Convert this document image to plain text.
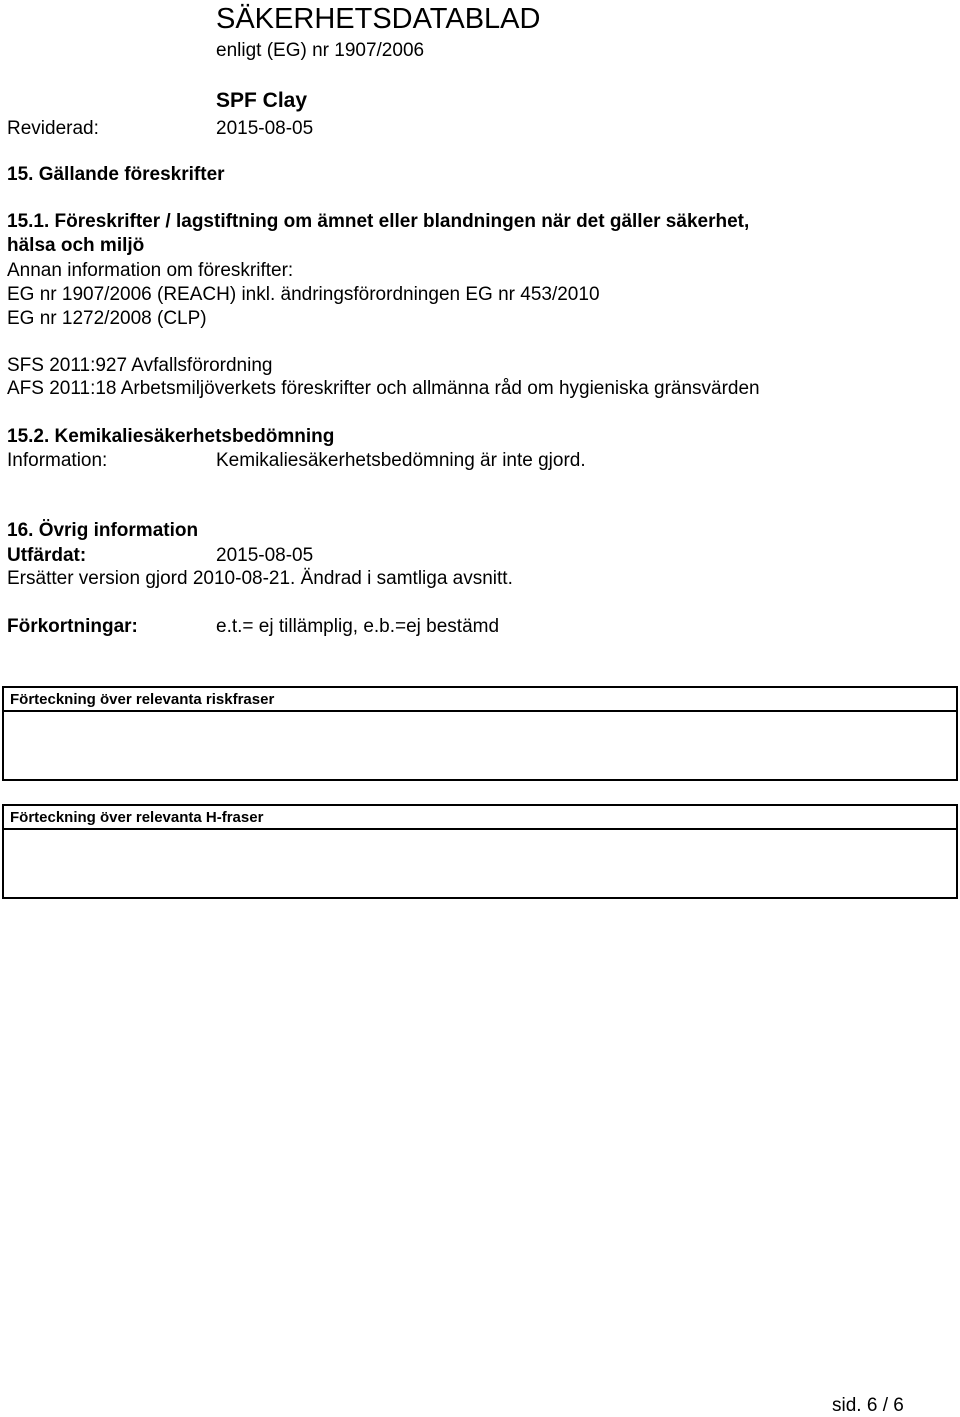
SÄKERHETSDATABLAD
enligt (EG) nr 1907/2006
SPF Clay
Reviderad:	2015-08-05
15. Gällande föreskrifter
15.1. Föreskrifter / lagstiftning om ämnet eller blandningen när det gäller säkerhet,
hälsa och miljö
Annan information om föreskrifter:
EG nr 1907/2006 (REACH) inkl. ändringsförordningen EG nr 453/2010
EG nr 1272/2008 (CLP)
SFS 2011:927 Avfallsförordning
AFS 2011:18 Arbetsmiljöverkets föreskrifter och allmänna råd om hygieniska gränsvärden
15.2. Kemikaliesäkerhetsbedömning
Information:	Kemikaliesäkerhetsbedömning är inte gjord.
16. Övrig information
Utfärdat:	2015-08-05
Ersätter version gjord 2010-08-21. Ändrad i samtliga avsnitt.
Förkortningar:	e.t.= ej tillämplig, e.b.=ej bestämd
Förteckning över relevanta riskfraser
Förteckning över relevanta H-fraser
sid. 6 / 6
